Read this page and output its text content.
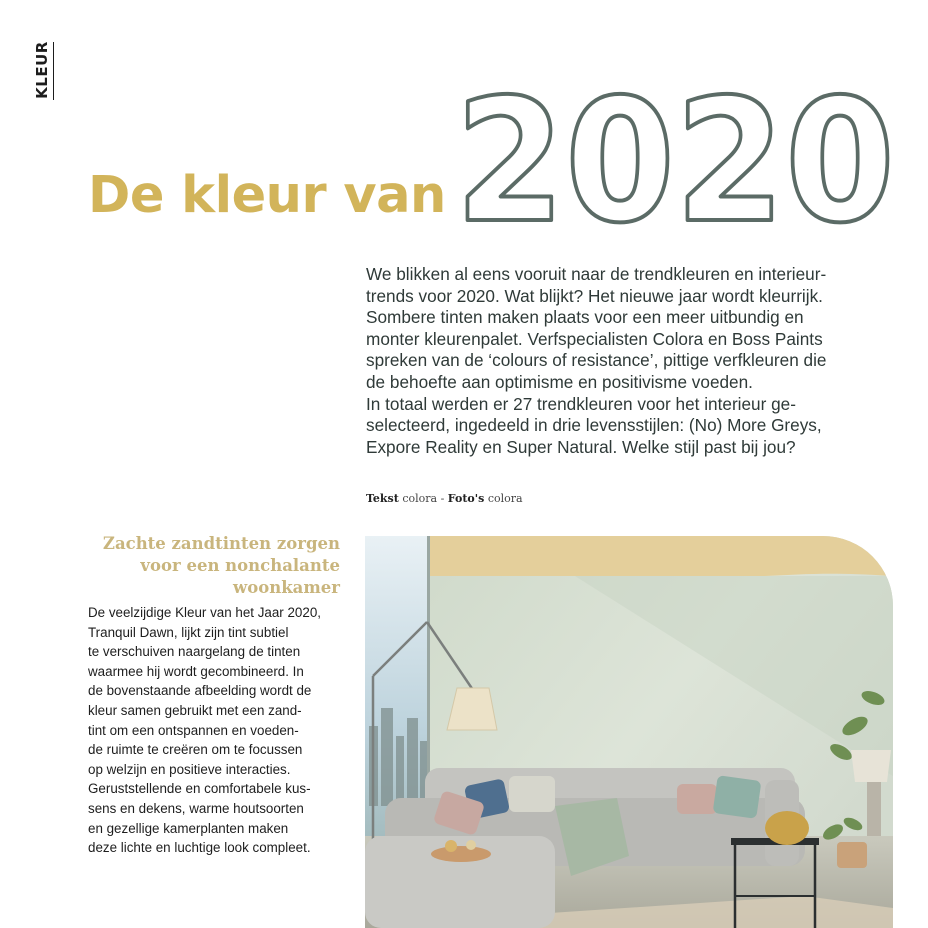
KLEUR 2020
De kleur van

We blikken al eens vooruit naar de trendkleuren en interieur-
trends voor 2020. Wat blijkt? Het nieuwe jaar wordt kleurrijk.
Sombere tinten maken plaats voor een meer uitbundig en
monter kleurenpalet. Verfspecialisten Colora en Boss Paints
spreken van de ‘colours of resistance’, pittige verfkleuren die
de behoefte aan optimisme en positivisme voeden.
In totaal werden er 27 trendkleuren voor het interieur ge-
selecteerd, ingedeeld in drie levensstijlen: (No) More Greys,
Expore Reality en Super Natural. Welke stijl past bij jou?

Tekst colora - Foto's colora

Zachte zandtinten zorgen
voor een nonchalante
woonkamer

De veelzijdige Kleur van het Jaar 2020,
Tranquil Dawn, lijkt zijn tint subtiel
te verschuiven naargelang de tinten
waarmee hij wordt gecombineerd. In
de bovenstaande afbeelding wordt de
kleur samen gebruikt met een zand-
tint om een ontspannen en voeden-
de ruimte te creëren om te focussen
op welzijn en positieve interacties.
Geruststellende en comfortabele kus-
sens en dekens, warme houtsoorten
en gezellige kamerplanten maken
deze lichte en luchtige look compleet.
